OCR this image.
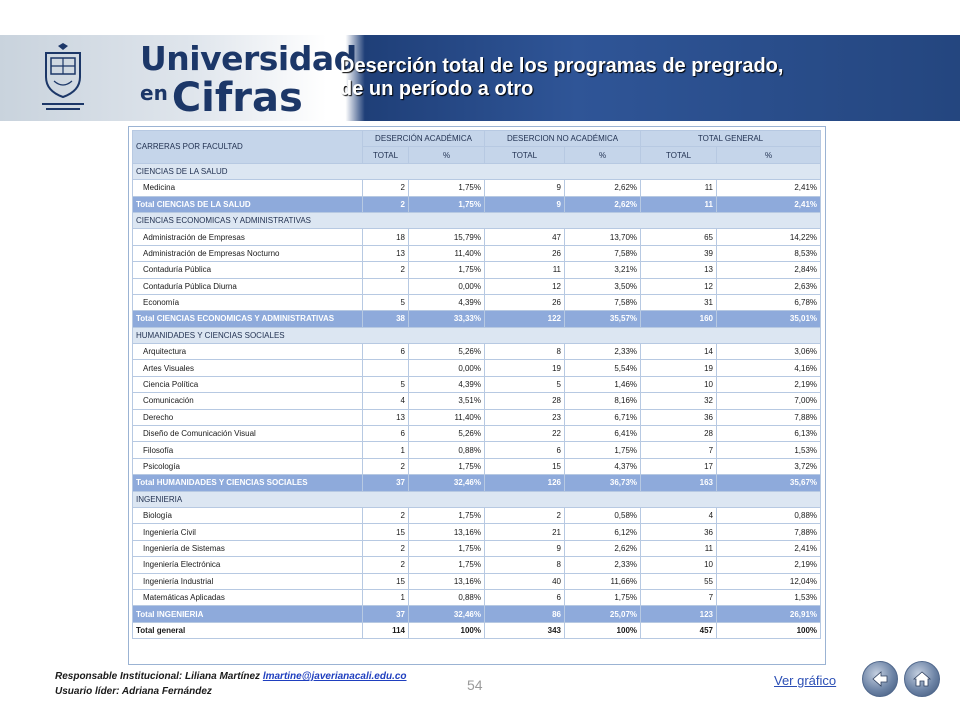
Universidad
en Cifras
Deserción total de los programas de pregrado,
de un período a otro
CARRERAS POR FACULTAD	DESERCIÓN ACADÉMICA		DESERCION NO ACADÉMICA		TOTAL GENERAL	
	TOTAL	%	TOTAL	%	TOTAL	%
CIENCIAS DE LA SALUD						
Medicina	2	1,75%	9	2,62%	11	2,41%
Total CIENCIAS DE LA SALUD	2	1,75%	9	2,62%	11	2,41%
CIENCIAS ECONOMICAS Y ADMINISTRATIVAS						
Administración de Empresas	18	15,79%	47	13,70%	65	14,22%
Administración de Empresas Nocturno	13	11,40%	26	7,58%	39	8,53%
Contaduría Pública	2	1,75%	11	3,21%	13	2,84%
Contaduría Pública Diurna		0,00%	12	3,50%	12	2,63%
Economía	5	4,39%	26	7,58%	31	6,78%
Total CIENCIAS ECONOMICAS Y ADMINISTRATIVAS	38	33,33%	122	35,57%	160	35,01%
HUMANIDADES Y CIENCIAS SOCIALES						
Arquitectura	6	5,26%	8	2,33%	14	3,06%
Artes Visuales		0,00%	19	5,54%	19	4,16%
Ciencia Política	5	4,39%	5	1,46%	10	2,19%
Comunicación	4	3,51%	28	8,16%	32	7,00%
Derecho	13	11,40%	23	6,71%	36	7,88%
Diseño de Comunicación Visual	6	5,26%	22	6,41%	28	6,13%
Filosofía	1	0,88%	6	1,75%	7	1,53%
Psicología	2	1,75%	15	4,37%	17	3,72%
Total HUMANIDADES Y CIENCIAS SOCIALES	37	32,46%	126	36,73%	163	35,67%
INGENIERIA						
Biología	2	1,75%	2	0,58%	4	0,88%
Ingeniería Civil	15	13,16%	21	6,12%	36	7,88%
Ingeniería de Sistemas	2	1,75%	9	2,62%	11	2,41%
Ingeniería Electrónica	2	1,75%	8	2,33%	10	2,19%
Ingeniería Industrial	15	13,16%	40	11,66%	55	12,04%
Matemáticas Aplicadas	1	0,88%	6	1,75%	7	1,53%
Total INGENIERIA	37	32,46%	86	25,07%	123	26,91%
Total general	114	100%	343	100%	457	100%
Responsable Institucional: Liliana Martínez lmartine@javerianacali.edu.co
Usuario líder: Adriana Fernández	54	Ver gráfico
